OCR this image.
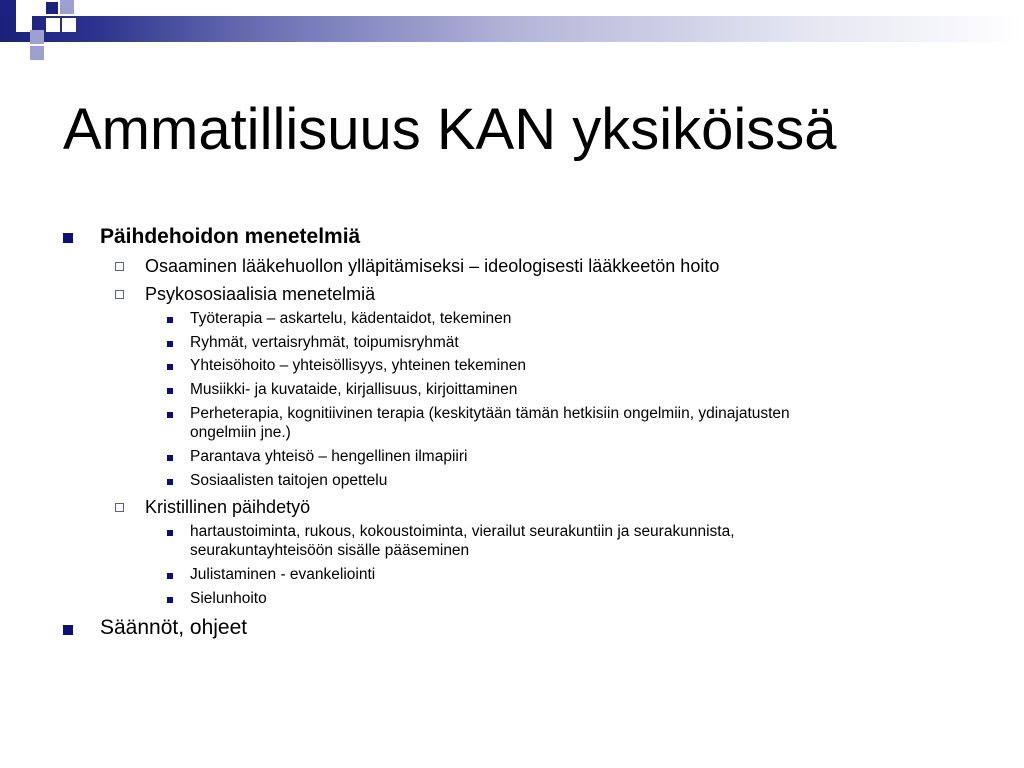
Ammatillisuus KAN yksiköissä
Päihdehoidon menetelmiä
Osaaminen lääkehuollon ylläpitämiseksi – ideologisesti lääkkeetön hoito
Psykososiaalisia menetelmiä
Työterapia – askartelu, kädentaidot, tekeminen
Ryhmät, vertaisryhmät, toipumisryhmät
Yhteisöhoito – yhteisöllisyys, yhteinen tekeminen
Musiikki- ja kuvataide, kirjallisuus, kirjoittaminen
Perheterapia, kognitiivinen terapia (keskitytään tämän hetkisiin ongelmiin, ydinajatusten
ongelmiin jne.)
Parantava yhteisö – hengellinen ilmapiiri
Sosiaalisten taitojen opettelu
Kristillinen päihdetyö
hartaustoiminta, rukous, kokoustoiminta, vierailut seurakuntiin ja seurakunnista,
seurakuntayhteisöön sisälle pääseminen
Julistaminen - evankeliointi
Sielunhoito
Säännöt, ohjeet
